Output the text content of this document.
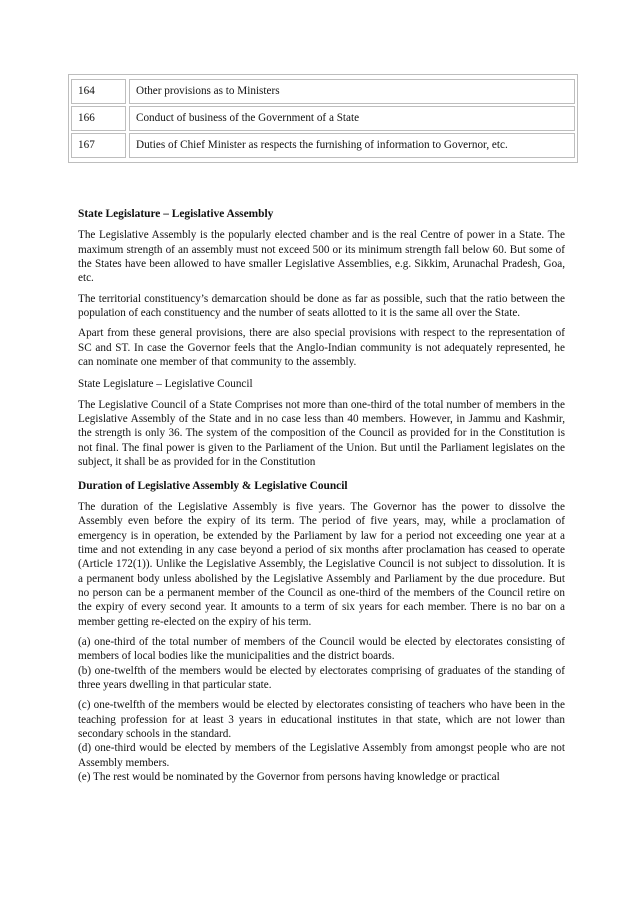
164	Other provisions as to Ministers
166	Conduct of business of the Government of a State
167	Duties of Chief Minister as respects the furnishing of information to Governor, etc.
State Legislature – Legislative Assembly

The Legislative Assembly is the popularly elected chamber and is the real Centre of power in a State. The maximum strength of an assembly must not exceed 500 or its minimum strength fall below 60. But some of the States have been allowed to have smaller Legislative Assemblies, e.g. Sikkim, Arunachal Pradesh, Goa, etc.

The territorial constituency’s demarcation should be done as far as possible, such that the ratio between the population of each constituency and the number of seats allotted to it is the same all over the State.

Apart from these general provisions, there are also special provisions with respect to the representation of SC and ST. In case the Governor feels that the Anglo-Indian community is not adequately represented, he can nominate one member of that community to the assembly.

State Legislature – Legislative Council

The Legislative Council of a State Comprises not more than one-third of the total number of members in the Legislative Assembly of the State and in no case less than 40 members. However, in Jammu and Kashmir, the strength is only 36. The system of the composition of the Council as provided for in the Constitution is not final. The final power is given to the Parliament of the Union. But until the Parliament legislates on the subject, it shall be as provided for in the Constitution

Duration of Legislative Assembly & Legislative Council

The duration of the Legislative Assembly is five years. The Governor has the power to dissolve the Assembly even before the expiry of its term. The period of five years, may, while a proclamation of emergency is in operation, be extended by the Parliament by law for a period not exceeding one year at a time and not extending in any case beyond a period of six months after proclamation has ceased to operate (Article 172(1)). Unlike the Legislative Assembly, the Legislative Council is not subject to dissolution. It is a permanent body unless abolished by the Legislative Assembly and Parliament by the due procedure. But no person can be a permanent member of the Council as one-third of the members of the Council retire on the expiry of every second year. It amounts to a term of six years for each member. There is no bar on a member getting re-elected on the expiry of his term.

(a) one-third of the total number of members of the Council would be elected by electorates consisting of members of local bodies like the municipalities and the district boards.

(b) one-twelfth of the members would be elected by electorates comprising of graduates of the standing of three years dwelling in that particular state.

(c) one-twelfth of the members would be elected by electorates consisting of teachers who have been in the teaching profession for at least 3 years in educational institutes in that state, which are not lower than secondary schools in the standard.

(d) one-third would be elected by members of the Legislative Assembly from amongst people who are not Assembly members.

(e) The rest would be nominated by the Governor from persons having knowledge or practical
